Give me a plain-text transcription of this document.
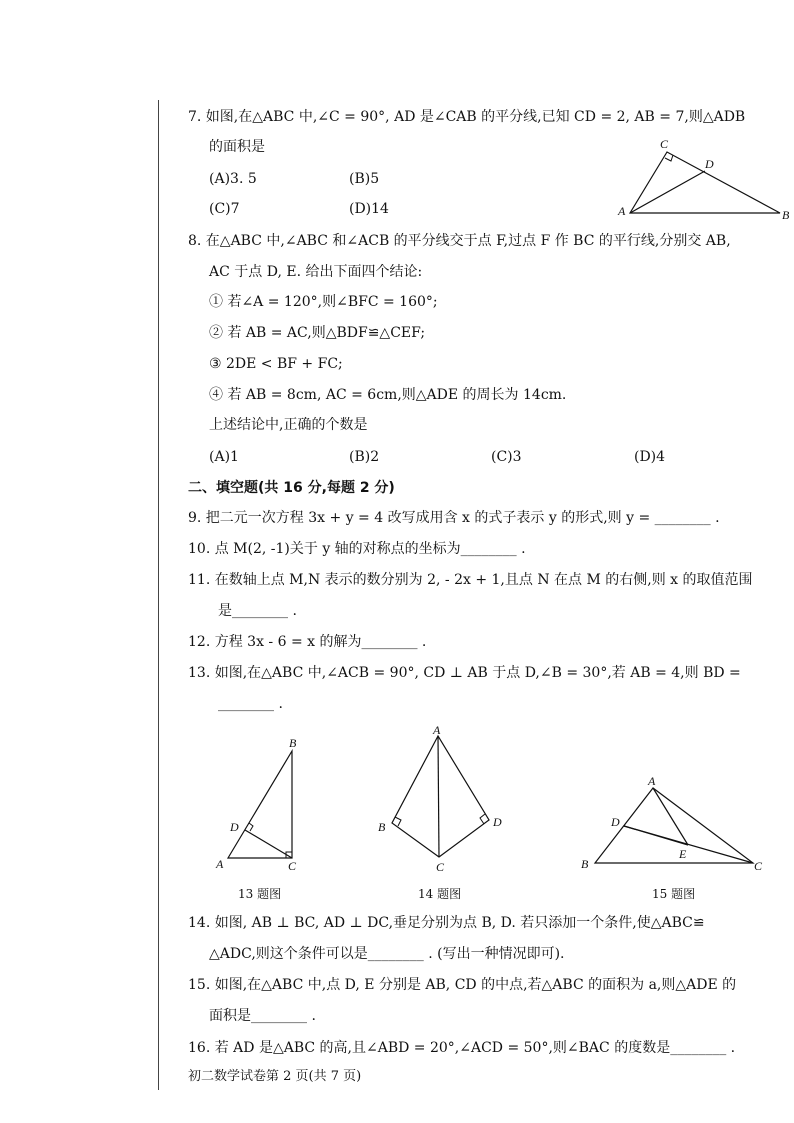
7. 如图,在△ABC 中,∠C = 90°, AD 是∠CAB 的平分线,已知 CD = 2, AB = 7,则△ADB
的面积是
(A)3. 5	(B)5
(C)7	(D)14
C
D
A	B
8. 在△ABC 中,∠ABC 和∠ACB 的平分线交于点 F,过点 F 作 BC 的平行线,分别交 AB,
AC 于点 D, E. 给出下面四个结论:
① 若∠A = 120°,则∠BFC = 160°;
② 若 AB = AC,则△BDF≌△CEF;
③ 2DE < BF + FC;
④ 若 AB = 8cm, AC = 6cm,则△ADE 的周长为 14cm.
上述结论中,正确的个数是
(A)1	(B)2	(C)3	(D)4
二、填空题(共 16 分,每题 2 分)
9. 把二元一次方程 3x + y = 4 改写成用含 x 的式子表示 y 的形式,则 y = ________ .
10. 点 M(2, -1)关于 y 轴的对称点的坐标为________ .
11. 在数轴上点 M,N 表示的数分别为 2, - 2x + 1,且点 N 在点 M 的右侧,则 x 的取值范围
是________ .
12. 方程 3x - 6 = x 的解为________ .
13. 如图,在△ABC 中,∠ACB = 90°, CD ⊥ AB 于点 D,∠B = 30°,若 AB = 4,则 BD =
________ .
B
D
A	C
13 题图
A
B	D
C
14 题图
A
D
E
B	C
15 题图
14. 如图, AB ⊥ BC, AD ⊥ DC,垂足分别为点 B, D. 若只添加一个条件,使△ABC≌
△ADC,则这个条件可以是________ . (写出一种情况即可).
15. 如图,在△ABC 中,点 D, E 分别是 AB, CD 的中点,若△ABC 的面积为 a,则△ADE 的
面积是________ .
16. 若 AD 是△ABC 的高,且∠ABD = 20°,∠ACD = 50°,则∠BAC 的度数是________ .
初二数学试卷第 2 页(共 7 页)
